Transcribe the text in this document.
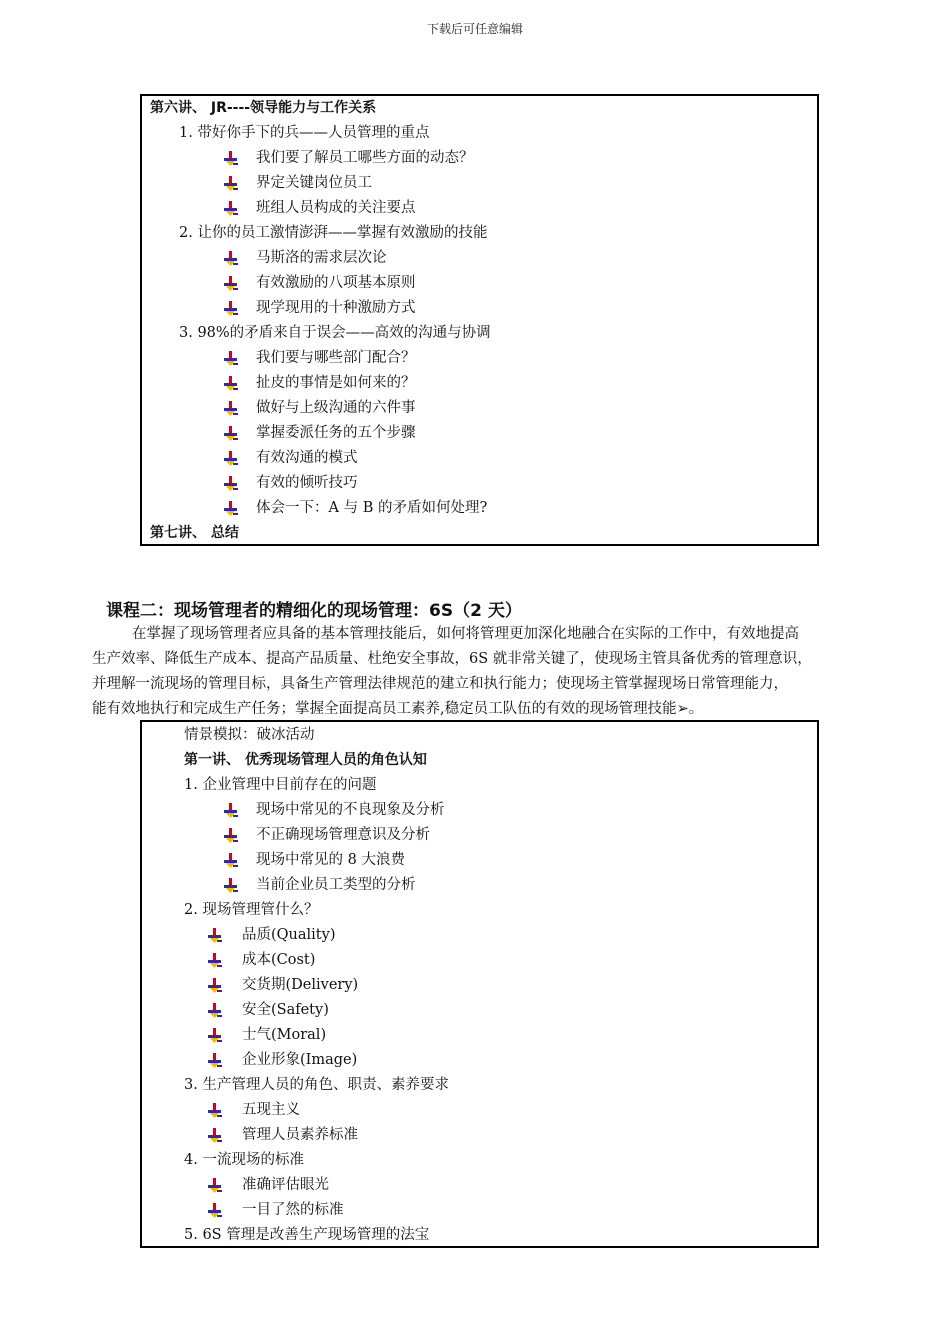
下载后可任意编辑
第六讲、 JR----领导能力与工作关系
1. 带好你手下的兵——人员管理的重点
我们要了解员工哪些方面的动态？
界定关键岗位员工
班组人员构成的关注要点
2. 让你的员工激情澎湃——掌握有效激励的技能
马斯洛的需求层次论
有效激励的八项基本原则
现学现用的十种激励方式
3. 98%的矛盾来自于误会——高效的沟通与协调
我们要与哪些部门配合？
扯皮的事情是如何来的？
做好与上级沟通的六件事
掌握委派任务的五个步骤
有效沟通的模式
有效的倾听技巧
体会一下：A 与 B 的矛盾如何处理?
第七讲、 总结
课程二：现场管理者的精细化的现场管理：6S（2 天）

在掌握了现场管理者应具备的基本管理技能后，如何将管理更加深化地融合在实际的工作中，有效地提高

生产效率、降低生产成本、提高产品质量、杜绝安全事故，6S 就非常关键了，使现场主管具备优秀的管理意识，

并理解一流现场的管理目标，具备生产管理法律规范的建立和执行能力；使现场主管掌握现场日常管理能力，

能有效地执行和完成生产任务；掌握全面提高员工素养,稳定员工队伍的有效的现场管理技能➢。

情景模拟：破冰活动
第一讲、 优秀现场管理人员的角色认知
1. 企业管理中目前存在的问题
现场中常见的不良现象及分析
不正确现场管理意识及分析
现场中常见的 8 大浪费
当前企业员工类型的分析
2. 现场管理管什么？
品质(Quality)
成本(Cost)
交货期(Delivery)
安全(Safety)
士气(Moral)
企业形象(Image)
3. 生产管理人员的角色、职责、素养要求
五现主义
管理人员素养标准
4. 一流现场的标准
准确评估眼光
一目了然的标准
5. 6S 管理是改善生产现场管理的法宝
